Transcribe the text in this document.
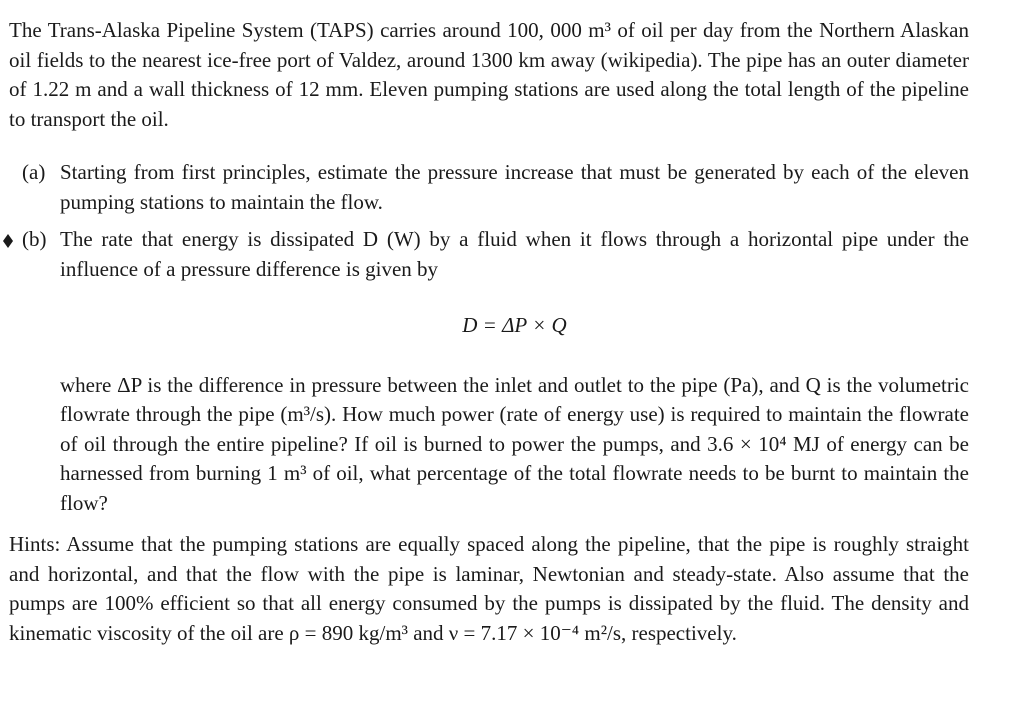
The Trans-Alaska Pipeline System (TAPS) carries around 100, 000 m³ of oil per day from the Northern Alaskan oil fields to the nearest ice-free port of Valdez, around 1300 km away (wikipedia). The pipe has an outer diameter of 1.22 m and a wall thickness of 12 mm. Eleven pumping stations are used along the total length of the pipeline to transport the oil.
(a) Starting from first principles, estimate the pressure increase that must be generated by each of the eleven pumping stations to maintain the flow.
(b) The rate that energy is dissipated D (W) by a fluid when it flows through a horizontal pipe under the influence of a pressure difference is given by
D = ΔP × Q
where ΔP is the difference in pressure between the inlet and outlet to the pipe (Pa), and Q is the volumetric flowrate through the pipe (m³/s). How much power (rate of energy use) is required to maintain the flowrate of oil through the entire pipeline? If oil is burned to power the pumps, and 3.6 × 10⁴ MJ of energy can be harnessed from burning 1 m³ of oil, what percentage of the total flowrate needs to be burnt to maintain the flow?
Hints: Assume that the pumping stations are equally spaced along the pipeline, that the pipe is roughly straight and horizontal, and that the flow with the pipe is laminar, Newtonian and steady-state. Also assume that the pumps are 100% efficient so that all energy consumed by the pumps is dissipated by the fluid. The density and kinematic viscosity of the oil are ρ = 890 kg/m³ and ν = 7.17 × 10⁻⁴ m²/s, respectively.
